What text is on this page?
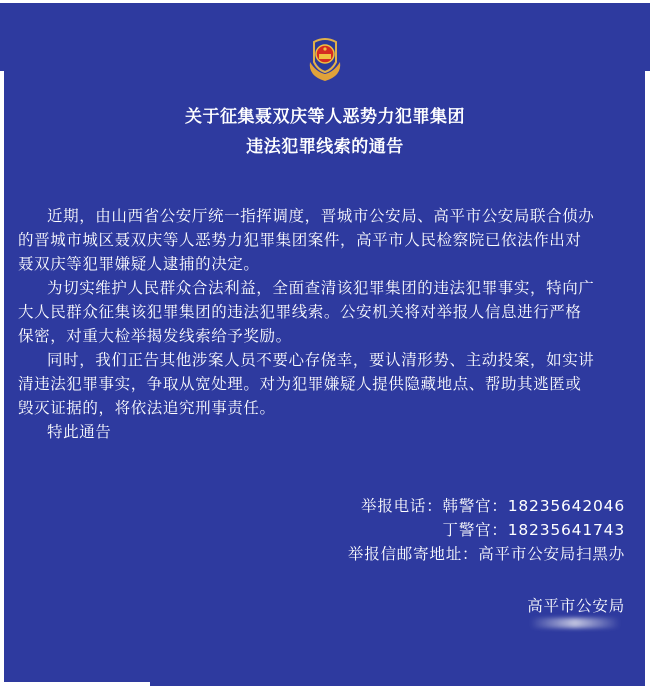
关于征集聂双庆等人恶势力犯罪集团
违法犯罪线索的通告
近期，由山西省公安厅统一指挥调度，晋城市公安局、高平市公安局联合侦办
的晋城市城区聂双庆等人恶势力犯罪集团案件，高平市人民检察院已依法作出对
聂双庆等犯罪嫌疑人逮捕的决定。
为切实维护人民群众合法利益，全面查清该犯罪集团的违法犯罪事实，特向广
大人民群众征集该犯罪集团的违法犯罪线索。公安机关将对举报人信息进行严格
保密，对重大检举揭发线索给予奖励。
同时，我们正告其他涉案人员不要心存侥幸，要认清形势、主动投案，如实讲
清违法犯罪事实，争取从宽处理。对为犯罪嫌疑人提供隐藏地点、帮助其逃匿或
毁灭证据的，将依法追究刑事责任。
特此通告
举报电话：韩警官：18235642046
丁警官：18235641743
举报信邮寄地址：高平市公安局扫黑办
高平市公安局
